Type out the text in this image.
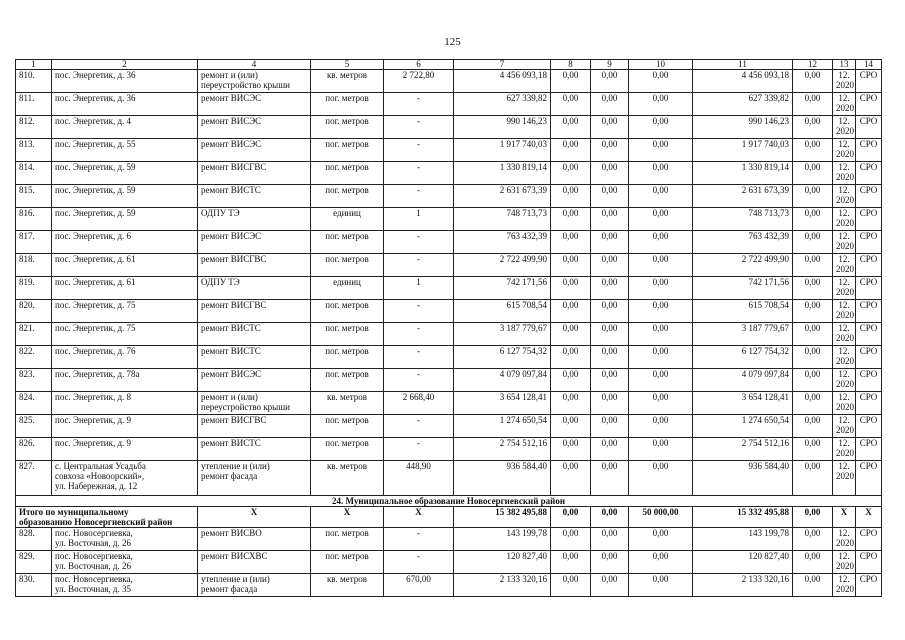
125
1	2	4	5	6	7	8	9	10	11	12	13	14
810.	пос. Энергетик, д. 36	ремонт и (или)
переустройство крыши	кв. метров	2 722,80	4 456 093,18	0,00	0,00	0,00	4 456 093,18	0,00	12.
2020	СРО
811.	пос. Энергетик, д. 36	ремонт ВИСЭС	пог. метров	-	627 339,82	0,00	0,00	0,00	627 339,82	0,00	12.
2020	СРО
812.	пос. Энергетик, д. 4	ремонт ВИСЭС	пог. метров	-	990 146,23	0,00	0,00	0,00	990 146,23	0,00	12.
2020	СРО
813.	пос. Энергетик, д. 55	ремонт ВИСЭС	пог. метров	-	1 917 740,03	0,00	0,00	0,00	1 917 740,03	0,00	12.
2020	СРО
814.	пос. Энергетик, д. 59	ремонт ВИСГВС	пог. метров	-	1 330 819,14	0,00	0,00	0,00	1 330 819,14	0,00	12.
2020	СРО
815.	пос. Энергетик, д. 59	ремонт ВИСТС	пог. метров	-	2 631 673,39	0,00	0,00	0,00	2 631 673,39	0,00	12.
2020	СРО
816.	пос. Энергетик, д. 59	ОДПУ ТЭ	единиц	1	748 713,73	0,00	0,00	0,00	748 713,73	0,00	12.
2020	СРО
817.	пос. Энергетик, д. 6	ремонт ВИСЭС	пог. метров	-	763 432,39	0,00	0,00	0,00	763 432,39	0,00	12.
2020	СРО
818.	пос. Энергетик, д. 61	ремонт ВИСГВС	пог. метров	-	2 722 499,90	0,00	0,00	0,00	2 722 499,90	0,00	12.
2020	СРО
819.	пос. Энергетик, д. 61	ОДПУ ТЭ	единиц	1	742 171,56	0,00	0,00	0,00	742 171,56	0,00	12.
2020	СРО
820.	пос. Энергетик, д. 75	ремонт ВИСГВС	пог. метров	-	615 708,54	0,00	0,00	0,00	615 708,54	0,00	12.
2020	СРО
821.	пос. Энергетик, д. 75	ремонт ВИСТС	пог. метров	-	3 187 779,67	0,00	0,00	0,00	3 187 779,67	0,00	12.
2020	СРО
822.	пос. Энергетик, д. 76	ремонт ВИСТС	пог. метров	-	6 127 754,32	0,00	0,00	0,00	6 127 754,32	0,00	12.
2020	СРО
823.	пос. Энергетик, д. 78а	ремонт ВИСЭС	пог. метров	-	4 079 097,84	0,00	0,00	0,00	4 079 097,84	0,00	12.
2020	СРО
824.	пос. Энергетик, д. 8	ремонт и (или)
переустройство крыши	кв. метров	2 668,40	3 654 128,41	0,00	0,00	0,00	3 654 128,41	0,00	12.
2020	СРО
825.	пос. Энергетик, д. 9	ремонт ВИСГВС	пог. метров	-	1 274 650,54	0,00	0,00	0,00	1 274 650,54	0,00	12.
2020	СРО
826.	пос. Энергетик, д. 9	ремонт ВИСТС	пог. метров	-	2 754 512,16	0,00	0,00	0,00	2 754 512,16	0,00	12.
2020	СРО
827.	с. Центральная Усадьба
совхоза «Новоорский»,
ул. Набережная, д. 12	утепление и (или)
ремонт фасада	кв. метров	448,90	936 584,40	0,00	0,00	0,00	936 584,40	0,00	12.
2020	СРО
24. Муниципальное образование Новосергиевский район												
Итого по муниципальному
образованию Новосергиевский район		X	X	X	15 382 495,88	0,00	0,00	50 000,00	15 332 495,88	0,00	X	X
828.	пос. Новосергиевка,
ул. Восточная, д. 26	ремонт ВИСВО	пог. метров	-	143 199,78	0,00	0,00	0,00	143 199,78	0,00	12.
2020	СРО
829.	пос. Новосергиевка,
ул. Восточная, д. 26	ремонт ВИСХВС	пог. метров	-	120 827,40	0,00	0,00	0,00	120 827,40	0,00	12.
2020	СРО
830.	пос. Новосергиевка,
ул. Восточная, д. 35	утепление и (или)
ремонт фасада	кв. метров	670,00	2 133 320,16	0,00	0,00	0,00	2 133 320,16	0,00	12.
2020	СРО
